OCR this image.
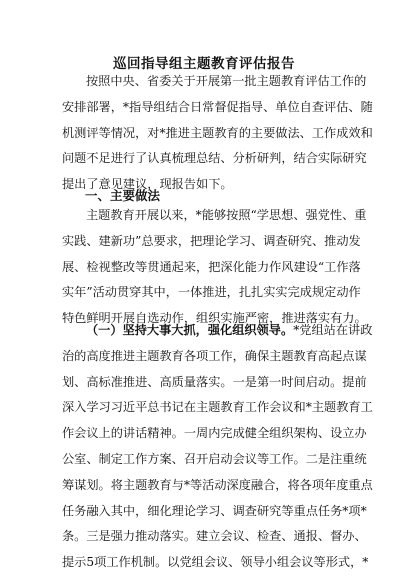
巡回指导组主题教育评估报告
按照中央、省委关于开展第一批主题教育评估工作的
安排部署，*指导组结合日常督促指导、单位自查评估、随
机测评等情况，对*推进主题教育的主要做法、工作成效和
问题不足进行了认真梳理总结、分析研判，结合实际研究
提出了意见建议，现报告如下。
一、主要做法
主题教育开展以来，*能够按照“学思想、强党性、重
实践、建新功”总要求，把理论学习、调查研究、推动发
展、检视整改等贯通起来，把深化能力作风建设“工作落
实年”活动贯穿其中，一体推进，扎扎实实完成规定动作
特色鲜明开展自选动作，组织实施严密，推进落实有力。
（一）坚持大事大抓，强化组织领导。*党组站在讲政
治的高度推进主题教育各项工作，确保主题教育高起点谋
划、高标准推进、高质量落实。一是第一时间启动。提前
深入学习习近平总书记在主题教育工作会议和*主题教育工
作会议上的讲话精神。一周内完成健全组织架构、设立办
公室、制定工作方案、召开启动会议等工作。二是注重统
筹谋划。将主题教育与*等活动深度融合，将各项年度重点
任务融入其中，细化理论学习、调查研究等重点任务*项*
条。三是强力推动落实。建立会议、检查、通报、督办、
提示5项工作机制。以党组会议、领导小组会议等形式，*
